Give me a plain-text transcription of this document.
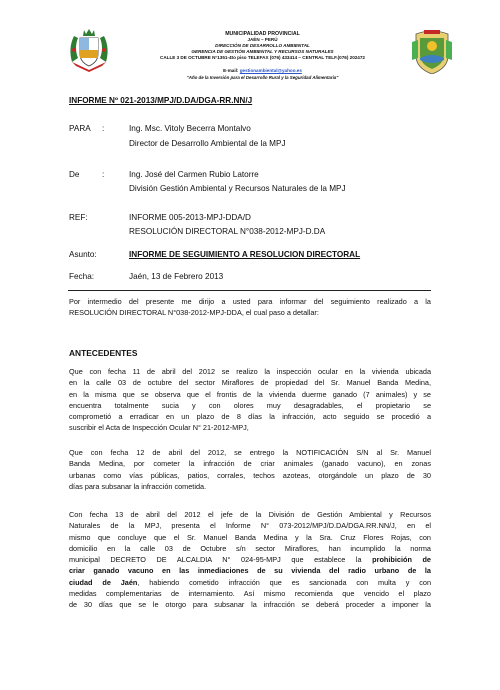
MUNICIPALIDAD PROVINCIAL
JAÉN – PERÚ
DIRECCIÓN DE DESARROLLO AMBIENTAL
GERENCIA DE GESTIÓN AMBIENTAL Y RECURSOS NATURALES
CALLE 3 DE OCTUBRE N°1351-4to piso TELEFAX (076) 433414 – CENTRAL TELF.(076) 202472
E-mail: gestionambiental@yahoo.es
"Año de la Inversión para el Desarrollo Rural y la Seguridad Alimentaria"
INFORME Nº 021-2013/MPJ/D.DA/DGA-RR.NN/J
PARA :	Ing. Msc. Vitoly Becerra Montalvo
Director de Desarrollo Ambiental de la MPJ
De	:	Ing. José del Carmen Rubio Latorre
División Gestión Ambiental y Recursos Naturales de la MPJ
REF:	INFORME 005-2013-MPJ-DDA/D
RESOLUCIÓN DIRECTORAL N°038-2012-MPJ-D.DA
Asunto:	INFORME DE SEGUIMIENTO A RESOLUCION DIRECTORAL
Fecha:	Jaén, 13 de Febrero 2013
Por intermedio del presente me dirijo a usted para informar del seguimiento realizado a la
RESOLUCIÓN DIRECTORAL N°038-2012-MPJ-DDA, el cual paso a detallar:
ANTECEDENTES
Que con fecha 11 de abril del 2012 se realizo la inspección ocular en la vivienda ubicada
en la calle 03 de octubre del sector Miraflores de propiedad del Sr. Manuel Banda Medina,
en la misma que se observa que el frontis de la vivienda duerme ganado (7 animales) y se
encuentra totalmente sucia y con olores muy desagradables, el propietario se
comprometió a erradicar en un plazo de 8 días la infracción, acto seguido se procedió a
suscribir el Acta de Inspección Ocular N° 21-2012-MPJ,
Que con fecha 12 de abril del 2012, se entrego la NOTIFICACIÓN S/N al Sr. Manuel
Banda Medina, por cometer la infracción de criar animales (ganado vacuno), en zonas
urbanas como vías públicas, patios, corrales, techos azoteas, otorgándole un plazo de 30
días para subsanar la infracción cometida.
Con fecha 13 de abril del 2012 el jefe de la División de Gestión Ambiental y Recursos
Naturales de la MPJ, presenta el Informe N° 073-2012/MPJ/D.DA/DGA.RR.NN/J, en el
mismo que concluye que el Sr. Manuel Banda Medina y la Sra. Cruz Flores Rojas, con
domicilio en la calle 03 de Octubre s/n sector Miraflores, han incumplido la norma
municipal DECRETO DE ALCALDIA N° 024-95-MPJ que establece la prohibición de
criar ganado vacuno en las inmediaciones de su vivienda del radio urbano de la
ciudad de Jaén, habiendo cometido infracción que es sancionada con multa y con
medidas complementarias de internamiento. Así mismo recomienda que vencido el plazo
de 30 días que se le otorgo para subsanar la infracción se deberá proceder a imponer la
